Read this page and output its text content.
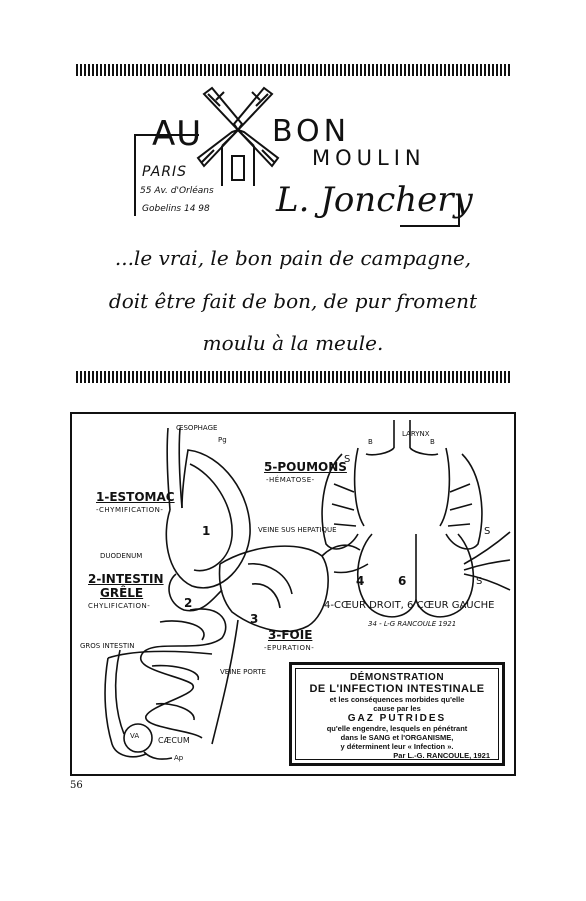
AU BON
MOULIN
PARIS
55 Av. d'Orléans
Gobelins 14 98 L. Jonchery
...le vrai, le bon pain de campagne,
doit être fait de bon, de pur froment
moulu à la meule.
ŒSOPHAGE
Pg
1-ESTOMAC
-CHYMIFICATION-
DUODENUM
2-INTESTIN
GRÊLE
CHYLIFICATION-
GROS INTESTIN
VEINE SUS HEPATIQUE
5-POUMONS
-HÉMATOSE-
LARYNX
B	B
S
S
S
4-CŒUR DROIT, 6 CŒUR GAUCHE
34 - L-G RANCOULE 1921
3-FOIE
-EPURATION-
VEINE PORTE
CÆCUM
VA
Ap
4	6
3
2
1
DÉMONSTRATION
DE L'INFECTION INTESTINALE
et les conséquences morbides qu'elle
cause par les
GAZ PUTRIDES
qu'elle engendre, lesquels en pénétrant
dans le SANG et l'ORGANISME,
y déterminent leur « Infection ».
Par L.-G. RANCOULE, 1921
56
